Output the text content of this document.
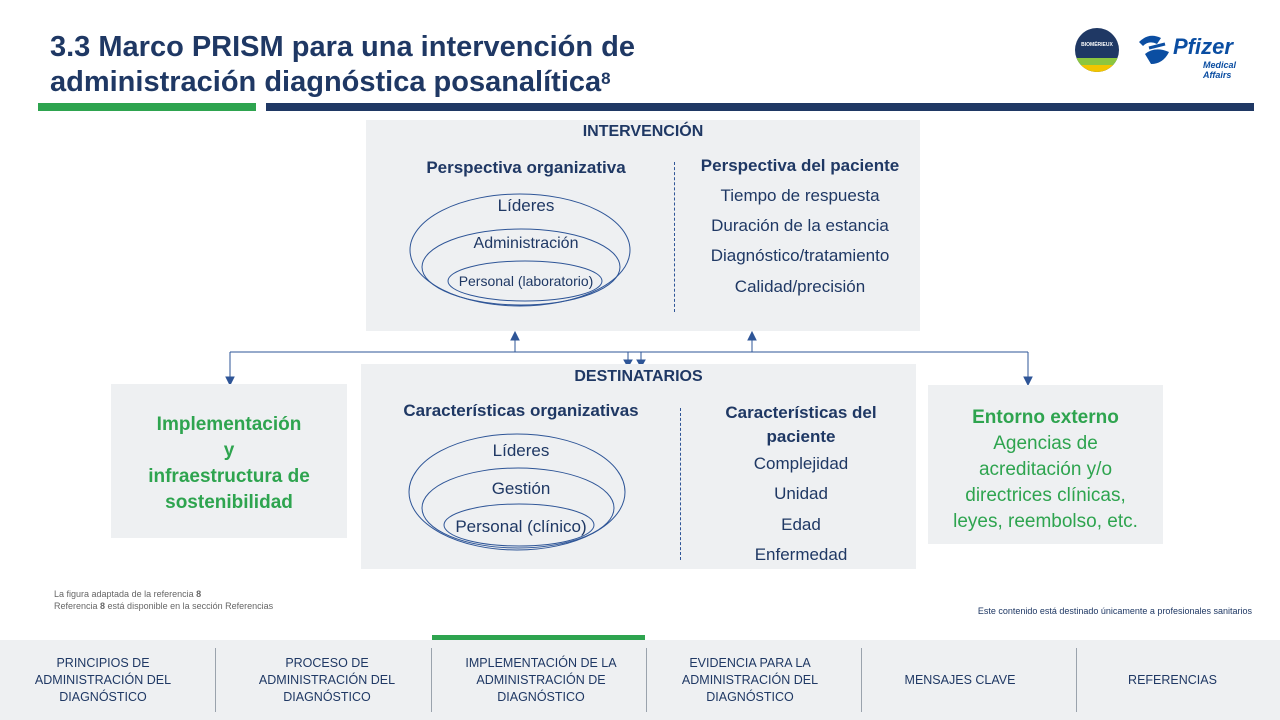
3.3 Marco PRISM para una intervención de
administración diagnóstica posanalítica$^8$
BIOMÉRIEUX	Pfizer
Medical Affairs
INTERVENCIÓN
Perspectiva organizativa
Líderes
Administración
Personal (laboratorio)
Perspectiva del paciente
Tiempo de respuesta
Duración de la estancia
Diagnóstico/tratamiento
Calidad/precisión
DESTINATARIOS
Características organizativas
Líderes
Gestión
Personal (clínico)
Características del
paciente
Complejidad
Unidad
Edad
Enfermedad
Implementación
y
infraestructura de
sostenibilidad
Entorno externo
Agencias de
acreditación y/o
directrices clínicas,
leyes, reembolso, etc.
La figura adaptada de la referencia 8
Referencia 8 está disponible en la sección Referencias	Este contenido está destinado únicamente a profesionales sanitarios
PRINCIPIOS DE ADMINISTRACIÓN DEL DIAGNÓSTICO
PROCESO DE ADMINISTRACIÓN DEL DIAGNÓSTICO
IMPLEMENTACIÓN DE LA ADMINISTRACIÓN DE DIAGNÓSTICO
EVIDENCIA PARA LA ADMINISTRACIÓN DEL DIAGNÓSTICO
MENSAJES CLAVE	REFERENCIAS
